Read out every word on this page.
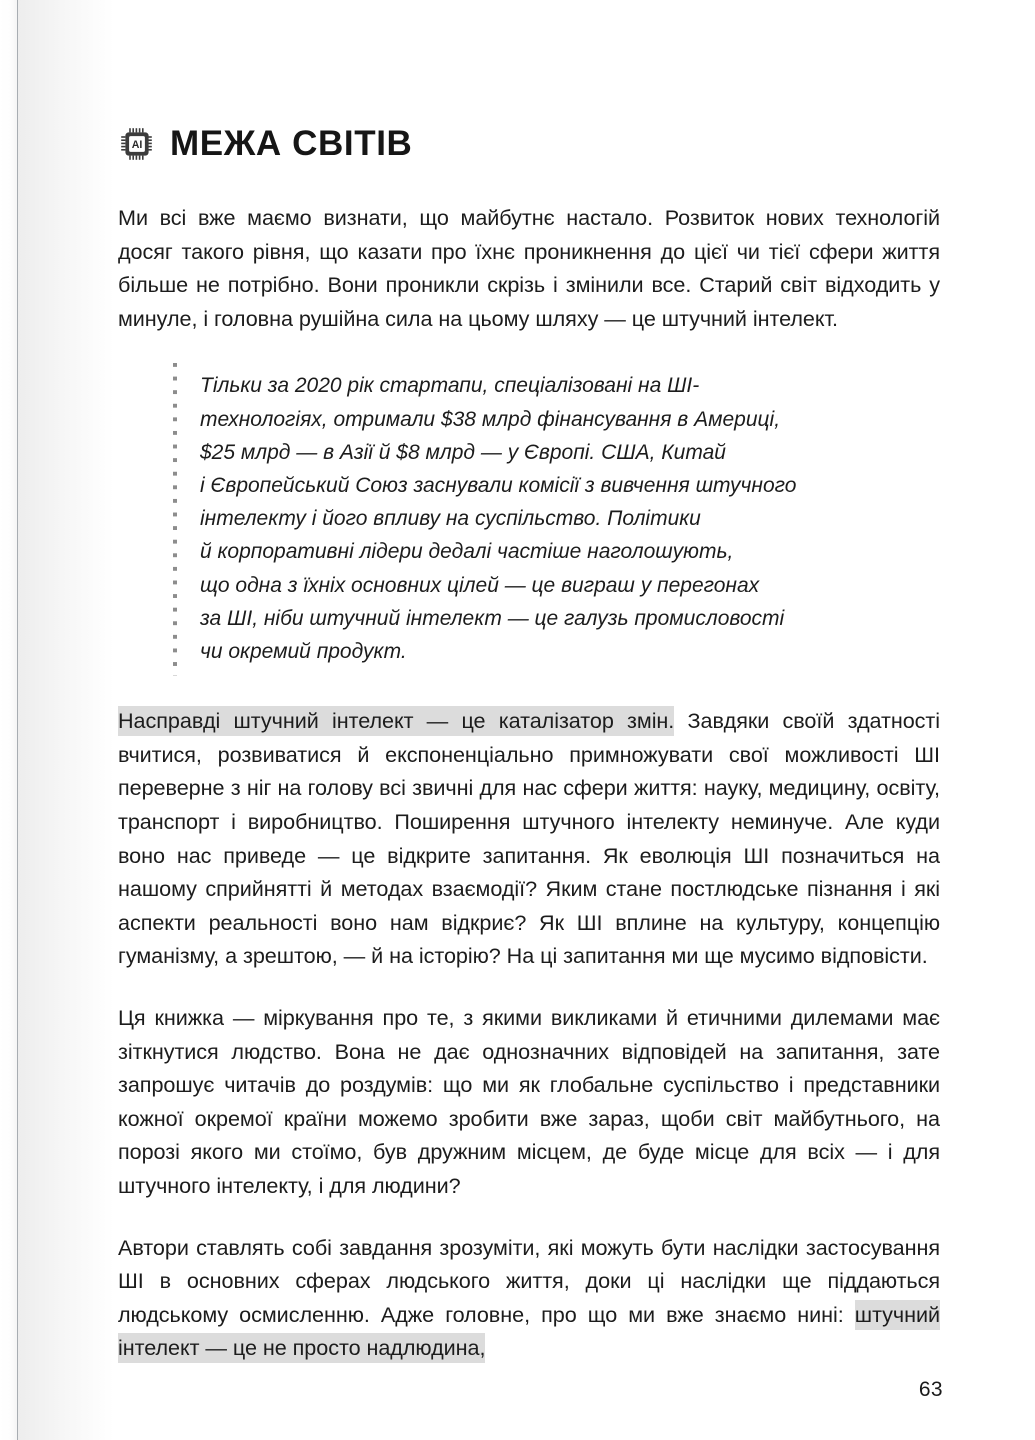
AI МЕЖА СВІТІВ

Ми всі вже маємо визнати, що майбутнє настало. Розвиток нових технологій досяг такого рівня, що казати про їхнє проникнення до цієї чи тієї сфери життя більше не потрібно. Вони проникли скрізь і змінили все. Старий світ відходить у минуле, і головна рушійна сила на цьому шляху — це штучний інтелект.

Тільки за 2020 рік стартапи, спеціалізовані на ШІ-
технологіях, отримали $38 млрд фінансування в Америці,
$25 млрд — в Азії й $8 млрд — у Європі. США, Китай
і Європейський Союз заснували комісії з вивчення штучного
інтелекту і його впливу на суспільство. Політики
й корпоративні лідери дедалі частіше наголошують,
що одна з їхніх основних цілей — це виграш у перегонах
за ШІ, ніби штучний інтелект — це галузь промисловості
чи окремий продукт.

Насправді штучний інтелект — це каталізатор змін. Завдяки своїй здатності вчитися, розвиватися й експоненціально примножувати свої можливості ШІ переверне з ніг на голову всі звичні для нас сфери життя: науку, медицину, освіту, транспорт і виробництво. Поширення штучного інтелекту неминуче. Але куди воно нас приведе — це відкрите запитання. Як еволюція ШІ позначиться на нашому сприйнятті й методах взаємодії? Яким стане постлюдське пізнання і які аспекти реальності воно нам відкриє? Як ШІ вплине на культуру, концепцію гуманізму, а зрештою, — й на історію? На ці запитання ми ще мусимо відповісти.

Ця книжка — міркування про те, з якими викликами й етичними дилемами має зіткнутися людство. Вона не дає однозначних відповідей на запитання, зате запрошує читачів до роздумів: що ми як глобальне суспільство і представники кожної окремої країни можемо зробити вже зараз, щоби світ майбутнього, на порозі якого ми стоїмо, був дружним місцем, де буде місце для всіх — і для штучного інтелекту, і для людини?

Автори ставлять собі завдання зрозуміти, які можуть бути наслідки застосування ШІ в основних сферах людського життя, доки ці наслідки ще піддаються людському осмисленню. Адже головне, про що ми вже знаємо нині: штучний інтелект — це не просто надлюдина,

63
